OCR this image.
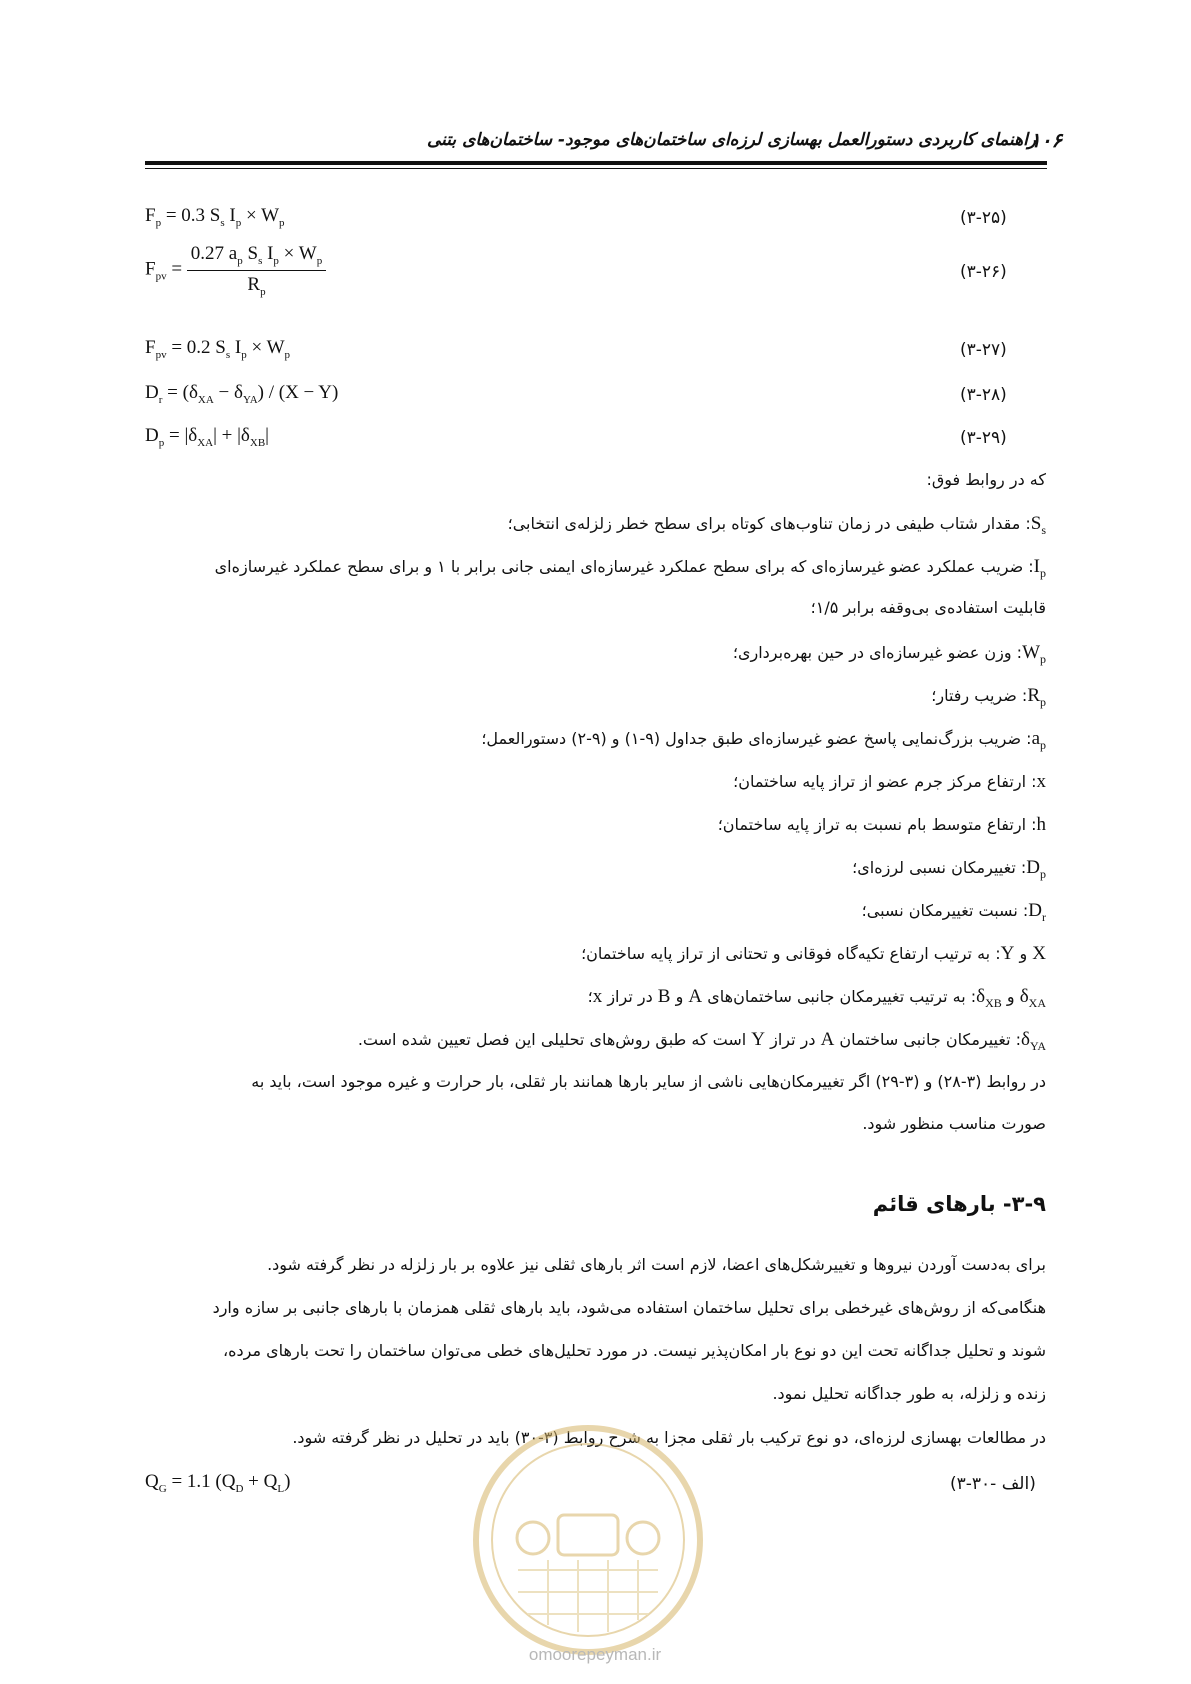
راهنمای کاربردی دستورالعمل بهسازی لرزه‌ای ساختمان‌های موجود- ساختمان‌های بتنی
۱۰۶
$F_p = 0.3$ $S_s$ $I_p \times W_p$	(۳-۲۵)
$F_{pv} = \frac{0.27 a_p S_s I_p \times W_p}{R_p}$	(۳-۲۶)
$F_{pv} = 0.2$ $S_s$ $I_p \times W_p$	(۳-۲۷)
$D_r = (\delta_{XA} - \delta_{YA}) / (X - Y)$	(۳-۲۸)
$D_p = |\delta_{XA}| + |\delta_{XB}|$	(۳-۲۹)
که در روابط فوق:
$S_s$: مقدار شتاب طیفی در زمان تناوب‌های کوتاه برای سطح خطر زلزله‌ی انتخابی؛
$I_p$: ضریب عملکرد عضو غیرسازه‌ای که برای سطح عملکرد غیرسازه‌ای ایمنی جانی برابر با ۱ و برای سطح عملکرد غیرسازه‌ای
قابلیت استفاده‌ی بی‌وقفه برابر ۱/۵؛
$W_p$: وزن عضو غیرسازه‌ای در حین بهره‌برداری؛
$R_p$: ضریب رفتار؛
$a_p$: ضریب بزرگ‌نمایی پاسخ عضو غیرسازه‌ای طبق جداول (۹-۱) و (۹-۲) دستورالعمل؛
x: ارتفاع مرکز جرم عضو از تراز پایه ساختمان؛
h: ارتفاع متوسط بام نسبت به تراز پایه ساختمان؛
$D_p$: تغییرمکان نسبی لرزه‌ای؛
$D_r$: نسبت تغییرمکان نسبی؛
X و Y: به ترتیب ارتفاع تکیه‌گاه فوقانی و تحتانی از تراز پایه ساختمان؛
$\delta_{XA}$ و $\delta_{XB}$: به ترتیب تغییرمکان جانبی ساختمان‌های A و B در تراز x؛
$\delta_{YA}$: تغییرمکان جانبی ساختمان A در تراز Y است که طبق روش‌های تحلیلی این فصل تعیین شده است.
در روابط (۳-۲۸) و (۳-۲۹) اگر تغییرمکان‌هایی ناشی از سایر بارها همانند بار ثقلی، بار حرارت و غیره موجود است، باید به
صورت مناسب منظور شود.
۳-۹- بارهای قائم
برای به‌دست آوردن نیروها و تغییرشکل‌های اعضا، لازم است اثر بارهای ثقلی نیز علاوه بر بار زلزله در نظر گرفته شود.
هنگامی‌که از روش‌های غیرخطی برای تحلیل ساختمان استفاده می‌شود، باید بارهای ثقلی همزمان با بارهای جانبی بر سازه وارد
شوند و تحلیل جداگانه تحت این دو نوع بار امکان‌پذیر نیست. در مورد تحلیل‌های خطی می‌توان ساختمان را تحت بارهای مرده،
زنده و زلزله، به طور جداگانه تحلیل نمود.
در مطالعات بهسازی لرزه‌ای، دو نوع ترکیب بار ثقلی مجزا به شرح روابط (۳-۳۰) باید در تحلیل در نظر گرفته شود.
$Q_G = 1.1$ $(Q_D + Q_L)$	(۳-۳۰- الف)
omoorepeyman.ir
